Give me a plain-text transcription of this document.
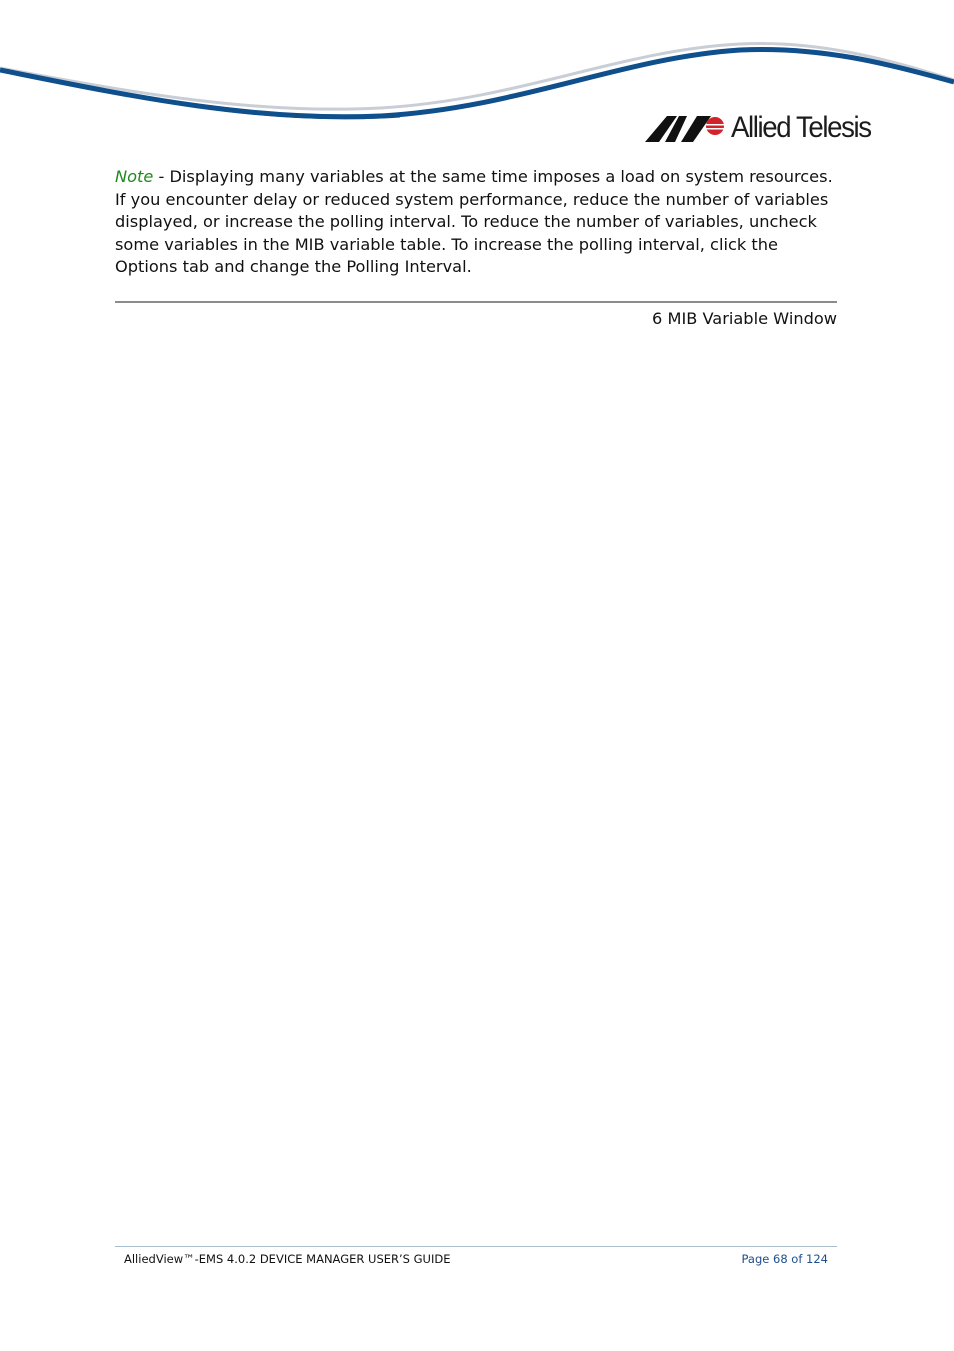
Allied Telesis

Note - Displaying many variables at the same time imposes a load on system resources. If you encounter delay or reduced system performance, reduce the number of variables displayed, or increase the polling interval. To reduce the number of variables, uncheck some variables in the MIB variable table. To increase the polling interval, click the Options tab and change the Polling Interval.

6 MIB Variable Window
AlliedView™-EMS 4.0.2 DEVICE MANAGER USER’S GUIDE	Page 68 of 124
